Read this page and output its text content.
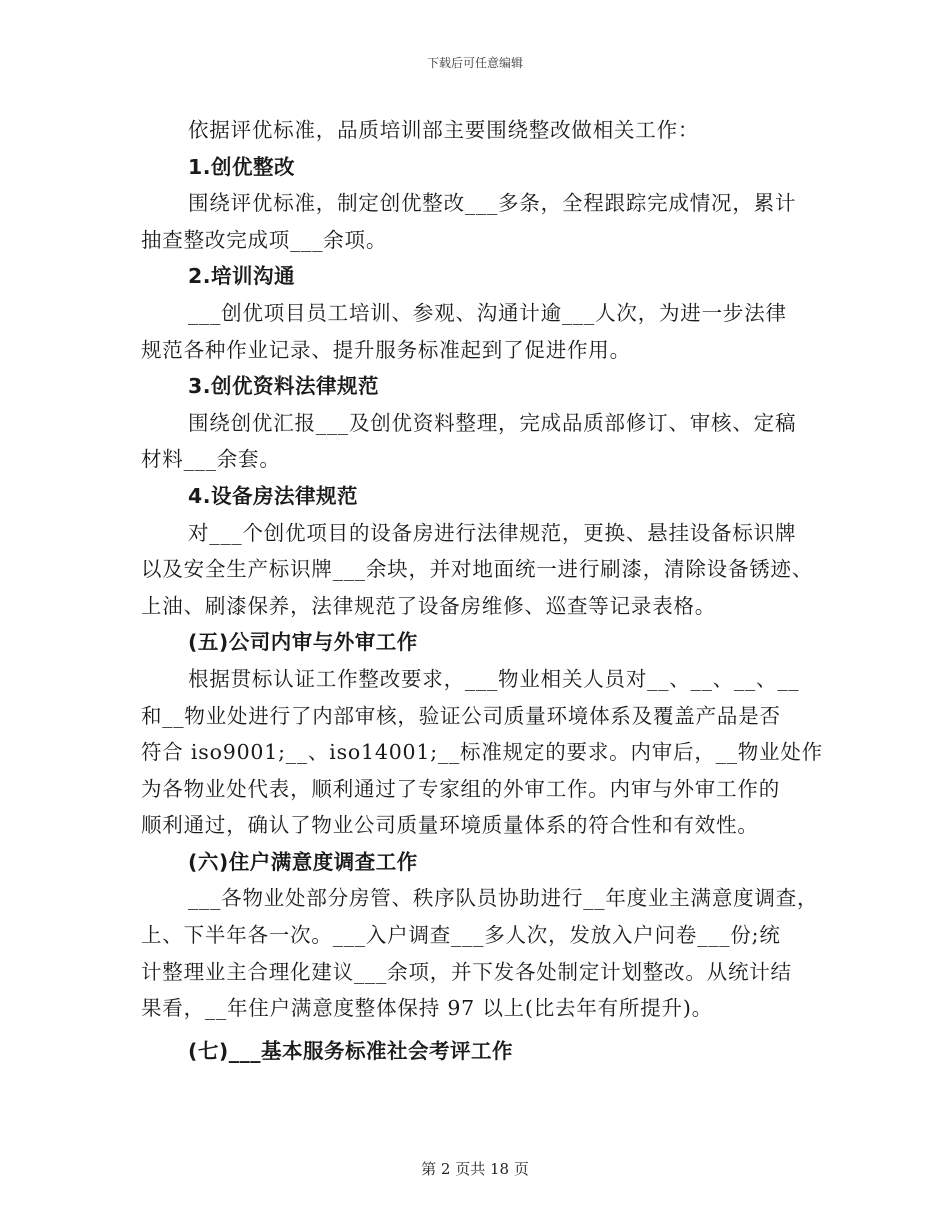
下载后可任意编辑

依据评优标准，品质培训部主要围绕整改做相关工作：

1.创优整改

围绕评优标准，制定创优整改___多条，全程跟踪完成情况，累计
抽查整改完成项___余项。

2.培训沟通

___创优项目员工培训、参观、沟通计逾___人次，为进一步法律
规范各种作业记录、提升服务标准起到了促进作用。

3.创优资料法律规范

围绕创优汇报___及创优资料整理，完成品质部修订、审核、定稿
材料___余套。

4.设备房法律规范

对___个创优项目的设备房进行法律规范，更换、悬挂设备标识牌
以及安全生产标识牌___余块，并对地面统一进行刷漆，清除设备锈迹、
上油、刷漆保养，法律规范了设备房维修、巡查等记录表格。

(五)公司内审与外审工作

根据贯标认证工作整改要求，___物业相关人员对__、__、__、__
和__物业处进行了内部审核，验证公司质量环境体系及覆盖产品是否
符合 iso9001;__、iso14001;__标准规定的要求。内审后，__物业处作
为各物业处代表，顺利通过了专家组的外审工作。内审与外审工作的
顺利通过，确认了物业公司质量环境质量体系的符合性和有效性。

(六)住户满意度调查工作

___各物业处部分房管、秩序队员协助进行__年度业主满意度调查，
上、下半年各一次。___入户调查___多人次，发放入户问卷___份;统
计整理业主合理化建议___余项，并下发各处制定计划整改。从统计结
果看，__年住户满意度整体保持 97 以上(比去年有所提升)。

(七)___基本服务标准社会考评工作

第 2 页共 18 页
